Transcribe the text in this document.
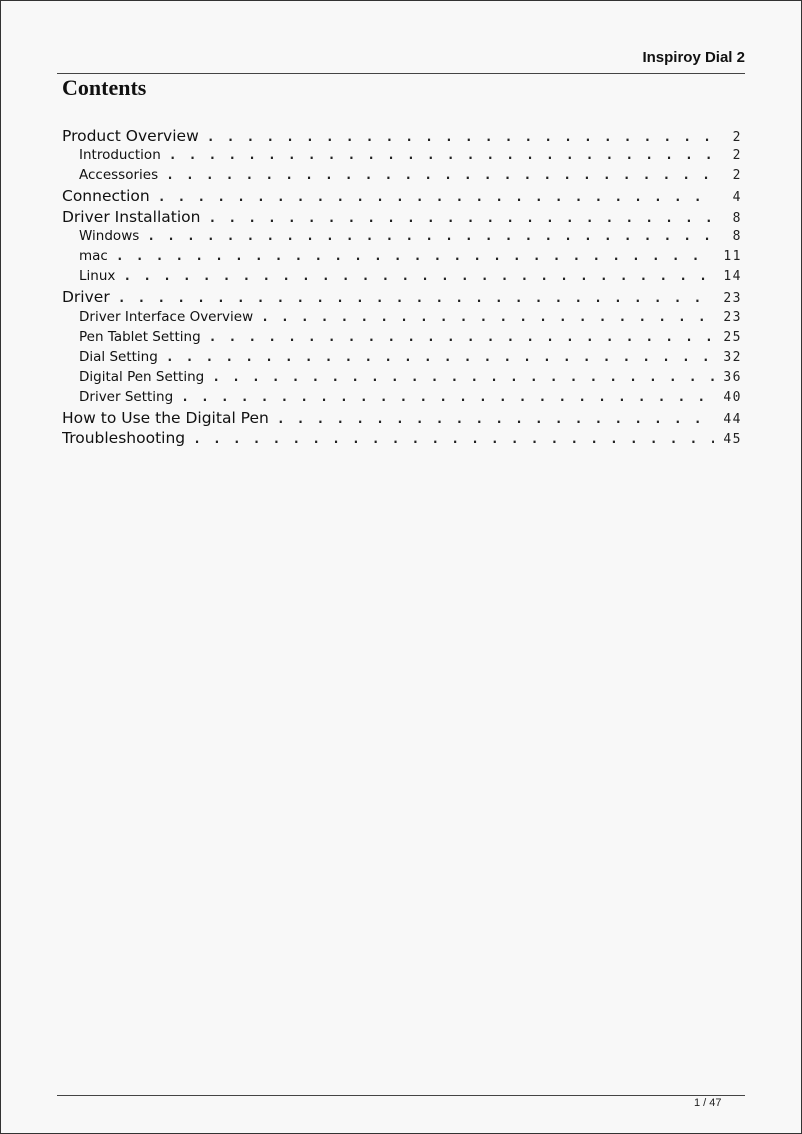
Inspiroy Dial 2
Contents
Product Overview . . .	2
Introduction . . .	2
Accessories . . .	2
Connection . . .	4
Driver Installation . . .	8
Windows . . .	8
mac . . .	11
Linux . . .	14
Driver . . .	23
Driver Interface Overview . . .	23
Pen Tablet Setting . . .	25
Dial Setting . . .	32
Digital Pen Setting . . .	36
Driver Setting . . .	40
How to Use the Digital Pen . . .	44
Troubleshooting . . .	45
1 / 47
